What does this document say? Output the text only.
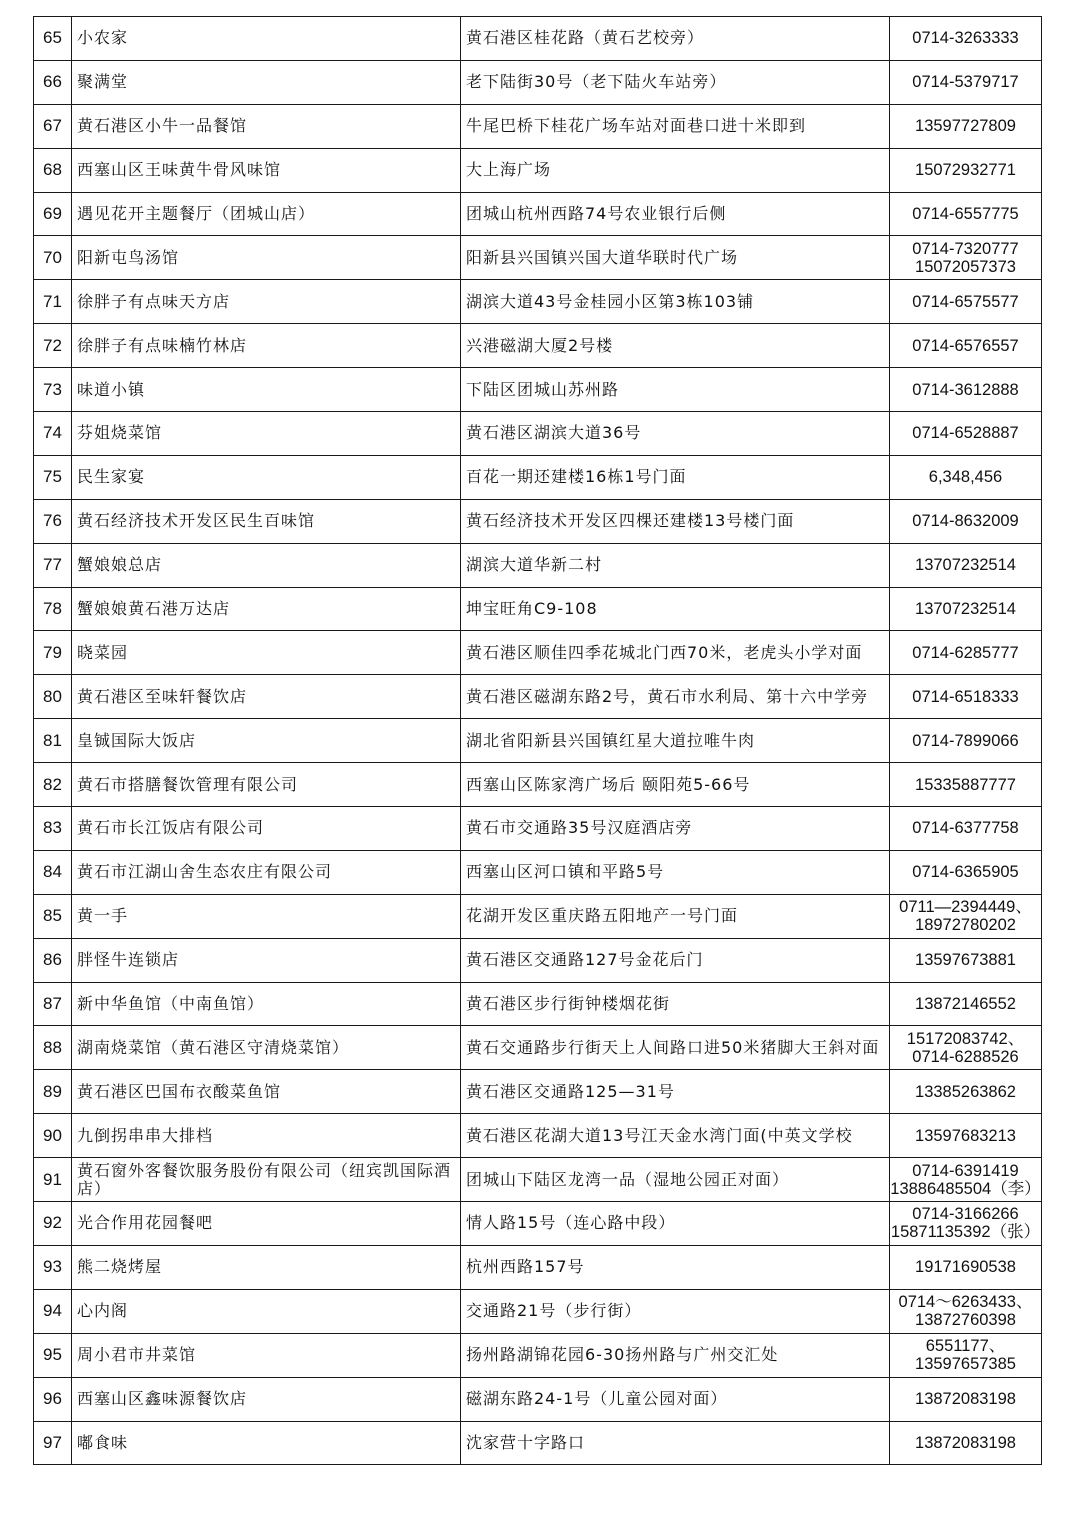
65	小农家	黄石港区桂花路（黄石艺校旁）	0714-3263333

66	聚满堂	老下陆街30号（老下陆火车站旁）	0714-5379717

67	黄石港区小牛一品餐馆	牛尾巴桥下桂花广场车站对面巷口进十米即到	13597727809

68	西塞山区王味黄牛骨风味馆	大上海广场	15072932771

69	遇见花开主题餐厅（团城山店）	团城山杭州西路74号农业银行后侧	0714-6557775

70	阳新屯鸟汤馆	阳新县兴国镇兴国大道华联时代广场	0714-7320777
15072057373

71	徐胖子有点味天方店	湖滨大道43号金桂园小区第3栋103铺	0714-6575577

72	徐胖子有点味楠竹林店	兴港磁湖大厦2号楼	0714-6576557

73	味道小镇	下陆区团城山苏州路	0714-3612888

74	芬姐烧菜馆	黄石港区湖滨大道36号	0714-6528887

75	民生家宴	百花一期还建楼16栋1号门面	6,348,456

76	黄石经济技术开发区民生百味馆	黄石经济技术开发区四棵还建楼13号楼门面	0714-8632009

77	蟹娘娘总店	湖滨大道华新二村	13707232514

78	蟹娘娘黄石港万达店	坤宝旺角C9-108	13707232514

79	晓菜园	黄石港区顺佳四季花城北门西70米，老虎头小学对面	0714-6285777

80	黄石港区至味轩餐饮店	黄石港区磁湖东路2号，黄石市水利局、第十六中学旁	0714-6518333

81	皇铖国际大饭店	湖北省阳新县兴国镇红星大道拉唯牛肉	0714-7899066

82	黄石市搭膳餐饮管理有限公司	西塞山区陈家湾广场后 颐阳苑5-66号	15335887777

83	黄石市长江饭店有限公司	黄石市交通路35号汉庭酒店旁	0714-6377758

84	黄石市江湖山舍生态农庄有限公司	西塞山区河口镇和平路5号	0714-6365905

85	黄一手	花湖开发区重庆路五阳地产一号门面	0711—2394449、
18972780202

86	胖怪牛连锁店	黄石港区交通路127号金花后门	13597673881

87	新中华鱼馆（中南鱼馆）	黄石港区步行街钟楼烟花街	13872146552

88	湖南烧菜馆（黄石港区守清烧菜馆）	黄石交通路步行街天上人间路口进50米猪脚大王斜对面	15172083742、
0714-6288526

89	黄石港区巴国布衣酸菜鱼馆	黄石港区交通路125—31号	13385263862

90	九倒拐串串大排档	黄石港区花湖大道13号江天金水湾门面(中英文学校	13597683213

91	黄石窗外客餐饮服务股份有限公司（纽宾凯国际酒店）	团城山下陆区龙湾一品（湿地公园正对面）	0714-6391419
13886485504（李）

92	光合作用花园餐吧	情人路15号（连心路中段）	0714-3166266
15871135392（张）

93	熊二烧烤屋	杭州西路157号	19171690538

94	心内阁	交通路21号（步行街）	0714～6263433、
13872760398

95	周小君市井菜馆	扬州路湖锦花园6-30扬州路与广州交汇处	6551177、
13597657385

96	西塞山区鑫味源餐饮店	磁湖东路24-1号（儿童公园对面）	13872083198

97	嘟食味	沈家营十字路口	13872083198
